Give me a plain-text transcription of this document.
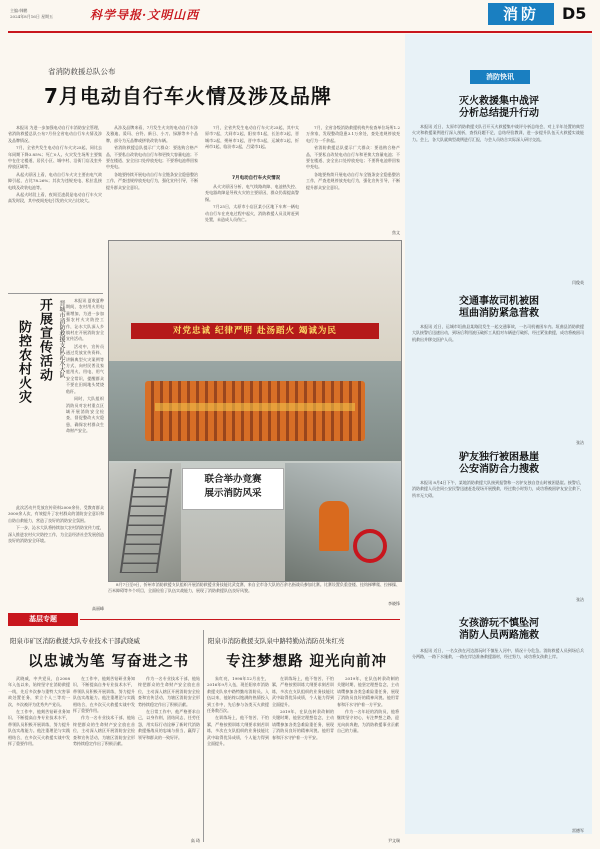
主编:韩鹏
2024年8月16日 星期五	科学导报·文明山西	消防	D5
省消防救援总队公布
7月电动自行车火情及涉及品牌

本报讯 为进一步加强电动自行车消防安全管理，省消防救援总队公布7月份全省电动自行车火情及涉及品牌情况。

7月，全省共发生电动自行车火灾25起，同比去年同期下降3.85%；死亡0人。火灾发生场所主要集中在住宅楼道、居民小区、城中村、沿街门店及室外停放区域等。

从起火原因上看，电动自行车火灾主要由电气故障引起，占比78.26%；其次为违规充电、私拉乱接电线及改装电池等。

从起火时段上看，夜间至凌晨是电动自行车火灾高发时段，其中夜间充电引发的火灾占比较大。

从涉及品牌来看，7月发生火灾的电动自行车涉及雅迪、爱玛、台铃、新日、小刀、绿源等多个品牌，部分为无品牌或拼装改装车辆。

省消防救援总队提示广大群众：要选购合格产品，不要私自改装电动自行车和更换大容量电池；不要在楼道、安全出口处停放充电；不要将电池带回家中充电。

各地要持续开展电动自行车全链条安全隐患整治工作，严查违规停放充电行为，强化宣传引导，不断提升群众安全意识。

7月电动自行车火灾情况

7月，全省共发生电动自行车火灾25起，其中太原市7起，大同市2起，阳泉市1起，长治市3起，晋城市2起，朔州市1起，晋中市3起，运城市2起，忻州市1起，临汾市2起，吕梁市1起。

从火灾原因分析，电气线路故障、电池热失控、充电器故障是导致火灾的主要原因，群众仍需提高警惕。

7月25日，太原市小店区某小区地下车库一辆电动自行车在充电过程中起火，消防救援人员及时赶到处置，未造成人员伤亡。

7月，全省各级消防救援机构共检查单位场所1.2万余家，发现整改隐患3.1万余处，查处违规停放充电行为一千余起。

省消防救援总队提示广大群众：要选购合格产品，不要私自改装电动自行车和更换大容量电池；不要在楼道、安全出口处停放充电；不要将电池带回家中充电。

各地要持续开展电动自行车全链条安全隐患整治工作，严查违规停放充电行为，强化宣传引导，不断提升群众安全意识。

焦文
开展宣传活动
防控农村火灾	晋城市消防救援支队沁水大队	本报讯 夏收夏种期间，农村用火用电量增加，为进一步加强农村火灾防控工作，沁水大队深入乡镇村庄开展消防安全宣传活动。

活动中，宣传员通过发放宣传资料、讲解典型火灾案例等方式，向村民普及家庭用火、用电、用气安全常识，提醒群众不要在田间地头焚烧秸秆。

同时，大队组织消防员对农村重点区域开展消防安全检查，督促整改火灾隐患，确保农村群众生命财产安全。

此次活动共发放宣传资料2000余份，受教育群众3000余人次，有效提升了农村群众的消防安全意识和自防自救能力，营造了良好的消防安全氛围。

下一步，沁水大队将持续加大农村消防宣传力度，深入推进农村火灾防控工作，为全县经济社会发展创造良好的消防安全环境。

高丽峰
对党忠诚 纪律严明 赴汤蹈火 竭诚为民
联合举办竞赛
展示消防风采

8月7日至9日，忻州市消防救援支队组织开展消防救援业务技能比武竞赛，来自全市各大队的百余名指战员参加比赛。比赛设置负重登楼、挂钩梯攀爬、拉梯操、百米障碍等多个项目，全面检验了队伍实战能力，展现了消防救援队伍良好风貌。

李晓锋
消防快讯
灭火救援集中战评
分析总结提升行动

本报讯 近日，太原市消防救援支队召开灭火救援集中战评分析总结会，对上半年处置的典型火灾和救援案例进行深入剖析，查找问题不足，总结经验教训，进一步提升队伍灭火救援实战能力。会上，各大队就典型战例进行汇报，与会人员结合实际深入研讨交流。

闫俊英
交通事故司机被困
垣曲消防紧急营救

本报讯 近日，运城市垣曲县某路段发生一起交通事故，一名司机被困车内。垣曲县消防救援大队接警后迅速出动，到场后利用液压破拆工具组对车辆进行破拆，经过紧张救援，成功将被困司机救出并移交医护人员。

张洁
驴友独行被困悬崖
公安消防合力搜救

本报讯 8月4日下午，某地消防救援大队接到报警称一名驴友独自登山时被困悬崖。接警后，消防救援人员会同公安民警迅速赶赴现场开展搜救，经过数小时努力，成功将被困驴友安全救下，所幸无大碍。

张洁
女孩游玩不慎坠河
消防人员两路施救

本报讯 近日，一名女孩在河边游玩时不慎坠入河中，情况十分危急。消防救援人员到场后兵分两路，一路下水施救，一路在岸边准备救援器材，经过努力，成功将女孩救上岸。

雷德军
基层专题
阳泉市矿区消防救援大队专业技术干部武晓威
以忠诚为笔 写奋进之书

武晓威，中共党员，自2008年入伍以来，始终坚守在消防救援一线，先后多次参与重特大灾害事故处置任务，荣立个人三等功一次，多次被评为优秀共产党员。

在工作中，他刻苦钻研业务知识，不断提高自身专业技术水平，带领队员积极开展训练，努力提升队伍实战能力。他注重理论与实践相结合，在多次灭火救援实战中发挥了重要作用。

在工作中，他刻苦钻研业务知识，不断提高自身专业技术水平，带领队员积极开展训练，努力提升队伍实战能力。他注重理论与实践相结合，在多次灭火救援实战中发挥了重要作用。

作为一名专业技术干部，他始终把群众的生命财产安全放在首位，主动深入辖区开展消防安全检查和宣传活动，为辖区消防安全形势持续稳定作出了积极贡献。

作为一名专业技术干部，他始终把群众的生命财产安全放在首位，主动深入辖区开展消防安全检查和宣传活动，为辖区消防安全形势持续稳定作出了积极贡献。

在日常工作中，他严格要求自己，以身作则，团结同志，任劳任怨，用实际行动诠释了新时代消防救援指战员的忠诚与担当，赢得了领导和群众的一致好评。

高 琦
阳泉市消防救援支队泉中路特勤站消防员朱红亮
专注梦想路 迎光向前冲

朱红亮，1998年12月出生，2016年9月入伍，现任阳泉市消防救援支队泉中路特勤站消防员。入伍以来，他始终以饱满的热情投入到工作中，先后参与各类灭火救援任务数百次。

在训练场上，他不怕苦、不怕累，严格按照训练大纲要求刻苦训练，多次在支队组织的业务技能比武中取得优异成绩，个人能力得到全面提升。

在训练场上，他不怕苦、不怕累，严格按照训练大纲要求刻苦训练，多次在支队组织的业务技能比武中取得优异成绩，个人能力得到全面提升。

2019年，在队伍转隶改制的关键时期，他坚定理想信念，主动请缨参加各类急难险重任务，展现了消防员良好的精神风貌。他用青春和汗水守护着一方平安。

2019年，在队伍转隶改制的关键时期，他坚定理想信念，主动请缨参加各类急难险重任务，展现了消防员良好的精神风貌。他用青春和汗水守护着一方平安。

作为一名年轻的消防员，他将继续坚守初心，专注梦想之路，迎光向前奔跑，为消防救援事业贡献自己的力量。

尹文瑞
